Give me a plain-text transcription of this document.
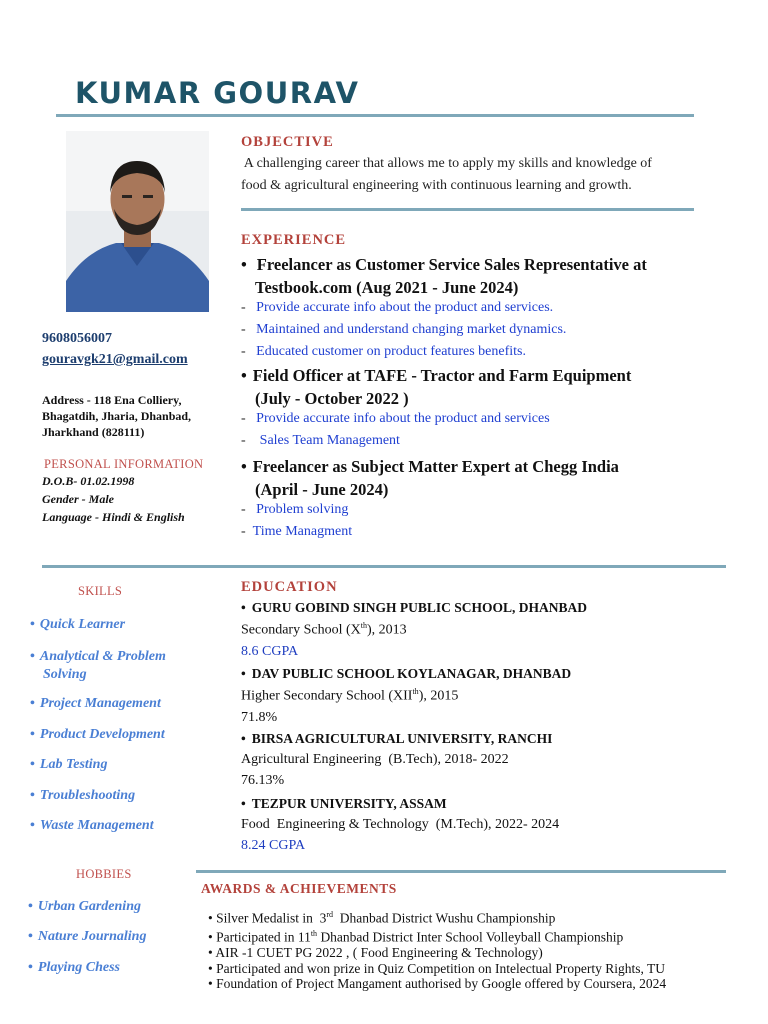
KUMAR GOURAV
9608056007
gouravgk21@gmail.com
Address - 118 Ena Colliery,
Bhagatdih, Jharia, Dhanbad,
Jharkhand (828111)
PERSONAL INFORMATION
D.O.B- 01.02.1998
Gender - Male
Language - Hindi & English
OBJECTIVE
A challenging career that allows me to apply my skills and knowledge of
food & agricultural engineering with continuous learning and growth.
EXPERIENCE
• Freelancer as Customer Service Sales Representative at
Testbook.com (Aug 2021 - June 2024)
-   Provide accurate info about the product and services.
-   Maintained and understand changing market dynamics.
-   Educated customer on product features benefits.
• Field Officer at TAFE - Tractor and Farm Equipment
(July - October 2022 )
-   Provide accurate info about the product and services
-    Sales Team Management
• Freelancer as Subject Matter Expert at Chegg India
(April - June 2024)
-   Problem solving
-  Time Managment
SKILLS
• Quick Learner
• Analytical & Problem
Solving
• Project Management
• Product Development
• Lab Testing
• Troubleshooting
• Waste Management
HOBBIES
• Urban Gardening
• Nature Journaling
• Playing Chess
EDUCATION
• GURU GOBIND SINGH PUBLIC SCHOOL, DHANBAD
Secondary School (Xth), 2013
8.6 CGPA
• DAV PUBLIC SCHOOL KOYLANAGAR, DHANBAD
Higher Secondary School (XIIth), 2015
71.8%
• BIRSA AGRICULTURAL UNIVERSITY, RANCHI
Agricultural Engineering  (B.Tech), 2018- 2022
76.13%
• TEZPUR UNIVERSITY, ASSAM
Food  Engineering & Technology  (M.Tech), 2022- 2024
8.24 CGPA
AWARDS & ACHIEVEMENTS
• Silver Medalist in  3rd  Dhanbad District Wushu Championship
• Participated in 11th Dhanbad District Inter School Volleyball Championship
• AIR -1 CUET PG 2022 , ( Food Engineering & Technology)
• Participated and won prize in Quiz Competition on Intelectual Property Rights, TU
• Foundation of Project Mangament authorised by Google offered by Coursera, 2024
